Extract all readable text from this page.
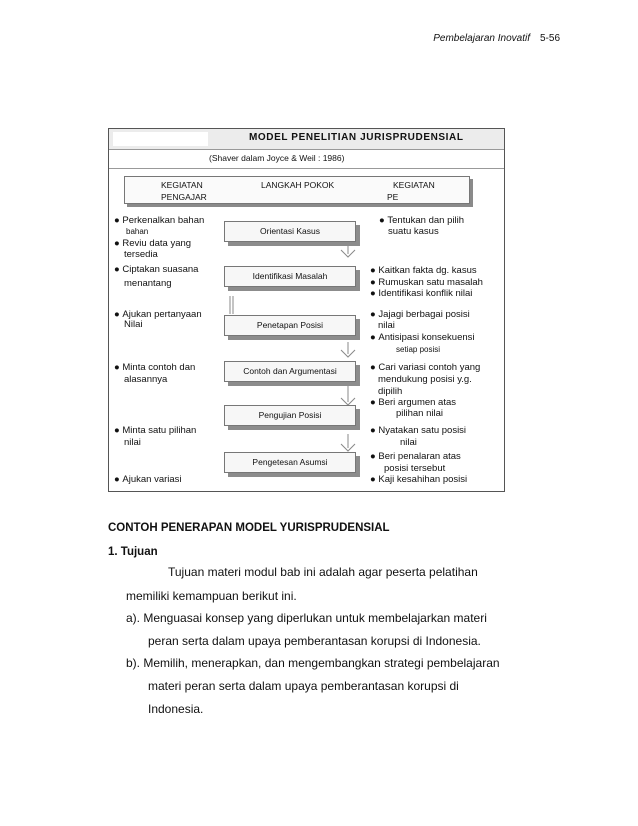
Pembelajaran Inovatif 5-56
MODEL PENELITIAN JURISPRUDENSIAL
(Shaver dalam Joyce & Weil : 1986)
KEGIATAN
PENGAJAR
LANGKAH POKOK	KEGIATAN
PE
Orientasi Kasus
Identifikasi Masalah
Penetapan Posisi
Contoh dan Argumentasi
Pengujian Posisi
Pengetesan Asumsi
● Perkenalkan bahan
bahan
● Reviu data yang
tersedia
● Ciptakan suasana
menantang
● Ajukan pertanyaan
Nilai
● Minta contoh dan
alasannya
● Minta satu pilihan
nilai
● Ajukan variasi
● Tentukan dan pilih
suatu kasus
● Kaitkan fakta dg. kasus
● Rumuskan satu masalah
● Identifikasi konflik nilai
● Jajagi berbagai posisi
nilai
● Antisipasi konsekuensi
setiap posisi
● Cari variasi contoh yang
mendukung posisi y.g.
dipilih
● Beri argumen atas
pilihan nilai
● Nyatakan satu posisi
nilai
● Beri penalaran atas
posisi tersebut
● Kaji kesahihan posisi
CONTOH PENERAPAN MODEL YURISPRUDENSIAL
1. Tujuan
Tujuan materi modul bab ini adalah agar peserta pelatihan
memiliki kemampuan berikut ini.
a). Menguasai konsep yang diperlukan untuk membelajarkan materi
peran serta dalam upaya pemberantasan korupsi di Indonesia.
b). Memilih, menerapkan, dan mengembangkan strategi pembelajaran
materi peran serta dalam upaya pemberantasan korupsi di
Indonesia.
